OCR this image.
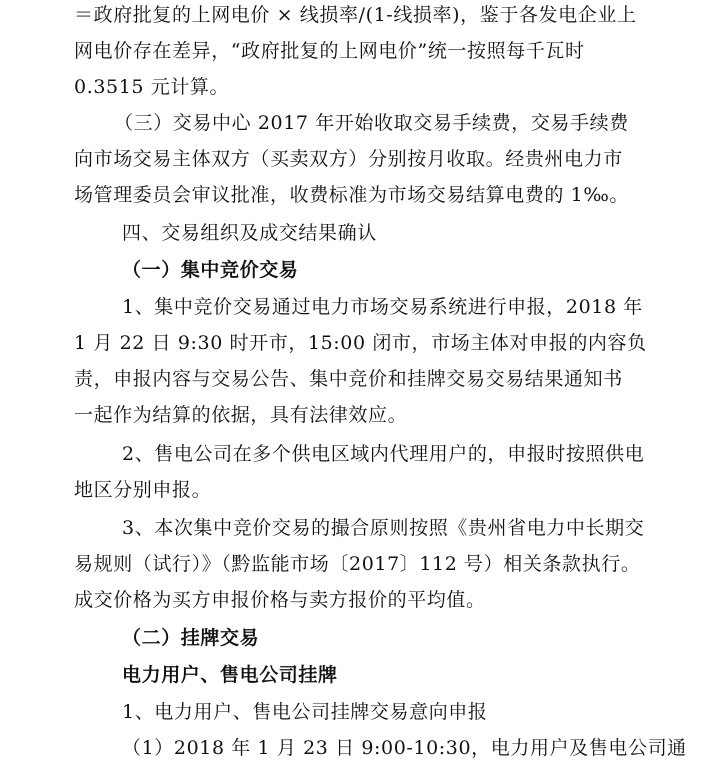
＝政府批复的上网电价 × 线损率/(1-线损率)，鉴于各发电企业上
网电价存在差异，“政府批复的上网电价”统一按照每千瓦时
0.3515 元计算。
（三）交易中心 2017 年开始收取交易手续费，交易手续费
向市场交易主体双方（买卖双方）分别按月收取。经贵州电力市
场管理委员会审议批准，收费标准为市场交易结算电费的 1‰。
四、交易组织及成交结果确认
（一）集中竞价交易
1、集中竞价交易通过电力市场交易系统进行申报，2018 年
1 月 22 日 9:30 时开市，15:00 闭市，市场主体对申报的内容负
责，申报内容与交易公告、集中竞价和挂牌交易交易结果通知书
一起作为结算的依据，具有法律效应。
2、售电公司在多个供电区域内代理用户的，申报时按照供电
地区分别申报。
3、本次集中竞价交易的撮合原则按照《贵州省电力中长期交
易规则（试行）》（黔监能市场〔2017〕112 号）相关条款执行。
成交价格为买方申报价格与卖方报价的平均值。
（二）挂牌交易
电力用户、售电公司挂牌
1、电力用户、售电公司挂牌交易意向申报
（1）2018 年 1 月 23 日 9:00-10:30，电力用户及售电公司通
